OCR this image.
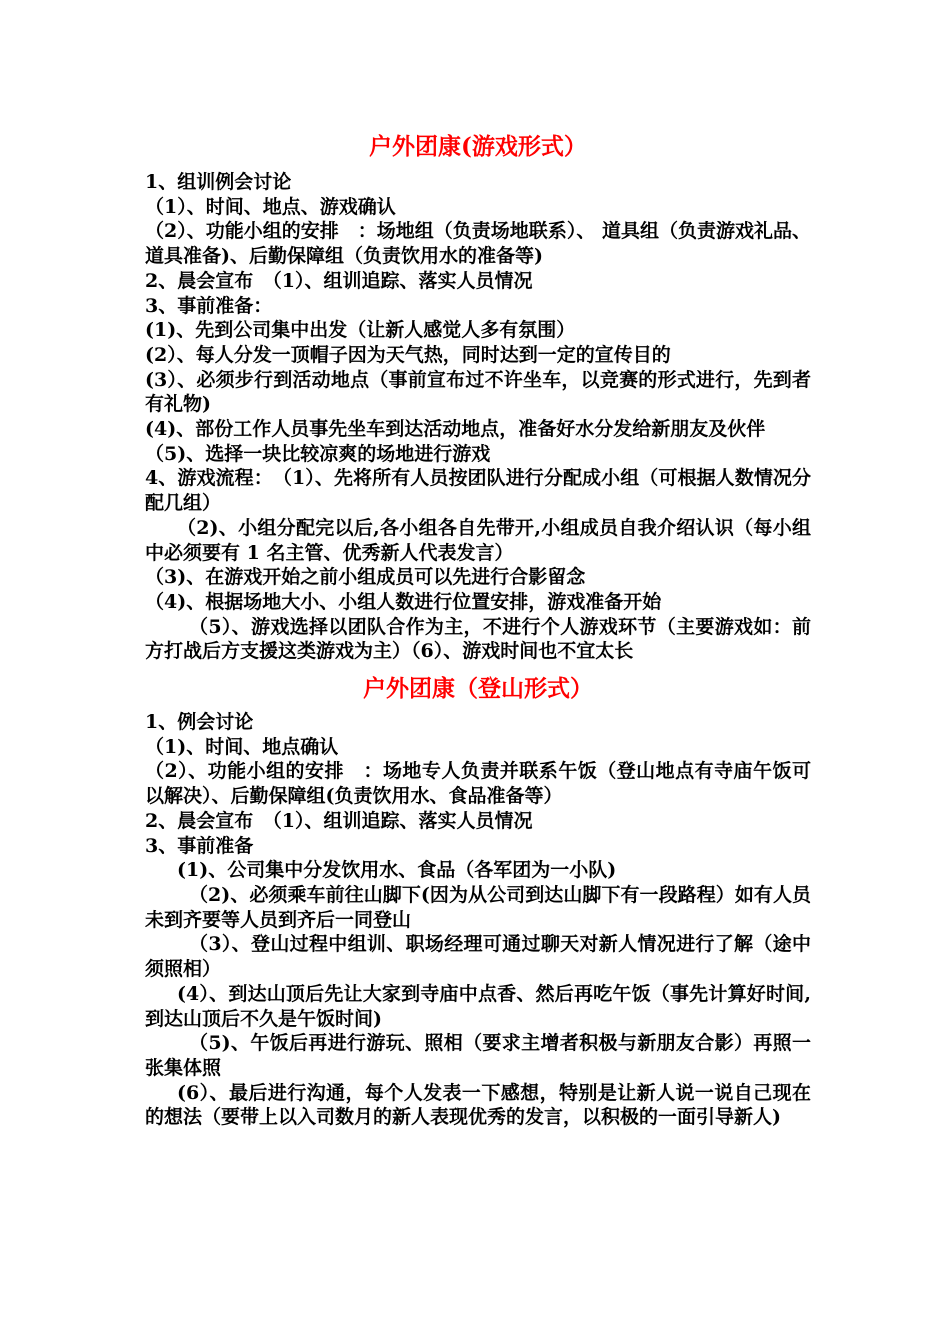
户外团康(游戏形式）

1、组训例会讨论

（1）、时间、地点、游戏确认

（2）、功能小组的安排　：场地组（负责场地联系）、 道具组（负责游戏礼品、道具准备)、后勤保障组（负责饮用水的准备等)

2、晨会宣布　（1）、组训追踪、落实人员情况

3、事前准备：

(1)、先到公司集中出发（让新人感觉人多有氛围）

(2）、每人分发一顶帽子因为天气热，同时达到一定的宣传目的

(3）、必须步行到活动地点（事前宣布过不许坐车，以竞赛的形式进行，先到者有礼物)

(4)、部份工作人员事先坐车到达活动地点，准备好水分发给新朋友及伙伴

（5)、选择一块比较凉爽的场地进行游戏

4、游戏流程：　（1）、先将所有人员按团队进行分配成小组（可根据人数情况分配几组）

（2)、小组分配完以后,各小组各自先带开,小组成员自我介绍认识（每小组中必须要有 1 名主管、优秀新人代表发言）

（3)、在游戏开始之前小组成员可以先进行合影留念

（4)、根据场地大小、小组人数进行位置安排，游戏准备开始

（5）、游戏选择以团队合作为主，不进行个人游戏环节（主要游戏如：前方打战后方支援这类游戏为主）（6）、游戏时间也不宜太长

户外团康（登山形式）

1、例会讨论

（1)、时间、地点确认

（2）、功能小组的安排　：场地专人负责并联系午饭（登山地点有寺庙午饭可以解决）、后勤保障组(负责饮用水、食品准备等）

2、晨会宣布　（1）、组训追踪、落实人员情况

3、事前准备

(1)、公司集中分发饮用水、食品（各军团为一小队)

（2)、必须乘车前往山脚下(因为从公司到达山脚下有一段路程）如有人员未到齐要等人员到齐后一同登山

（3）、登山过程中组训、职场经理可通过聊天对新人情况进行了解（途中须照相）

(4）、到达山顶后先让大家到寺庙中点香、然后再吃午饭（事先计算好时间,到达山顶后不久是午饭时间)

（5)、午饭后再进行游玩、照相（要求主增者积极与新朋友合影）再照一张集体照

(6）、最后进行沟通，每个人发表一下感想，特别是让新人说一说自己现在的想法（要带上以入司数月的新人表现优秀的发言，以积极的一面引导新人)
